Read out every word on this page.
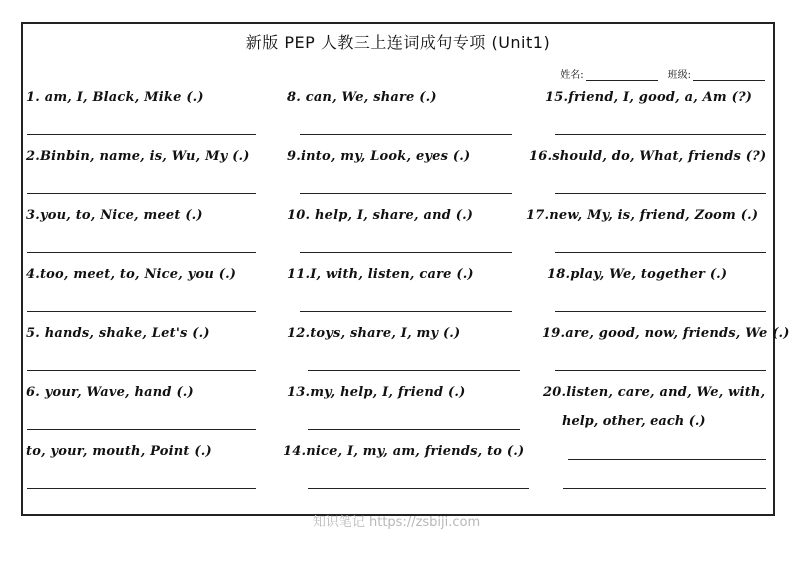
新版 PEP 人教三上连词成句专项 (Unit1)
姓名:	班级:
1. am, I, Black, Mike (.)
2.Binbin, name, is, Wu, My (.)
3.you, to, Nice, meet (.)
4.too, meet, to, Nice, you (.)
5. hands, shake, Let's (.)
6. your, Wave, hand (.)
to, your, mouth, Point (.)
8. can, We, share (.)
9.into, my, Look, eyes (.)
10. help, I, share, and (.)
11.I, with, listen, care (.)
12.toys, share, I, my (.)
13.my, help, I, friend (.)
14.nice, I, my, am, friends, to (.)
15.friend, I, good, a, Am (?)
16.should, do, What, friends (?)
17.new, My, is, friend, Zoom (.)
18.play, We, together (.)
19.are, good, now, friends, We (.)
20.listen, care, and, We, with,
help, other, each (.)
知识笔记 https://zsbiji.com
